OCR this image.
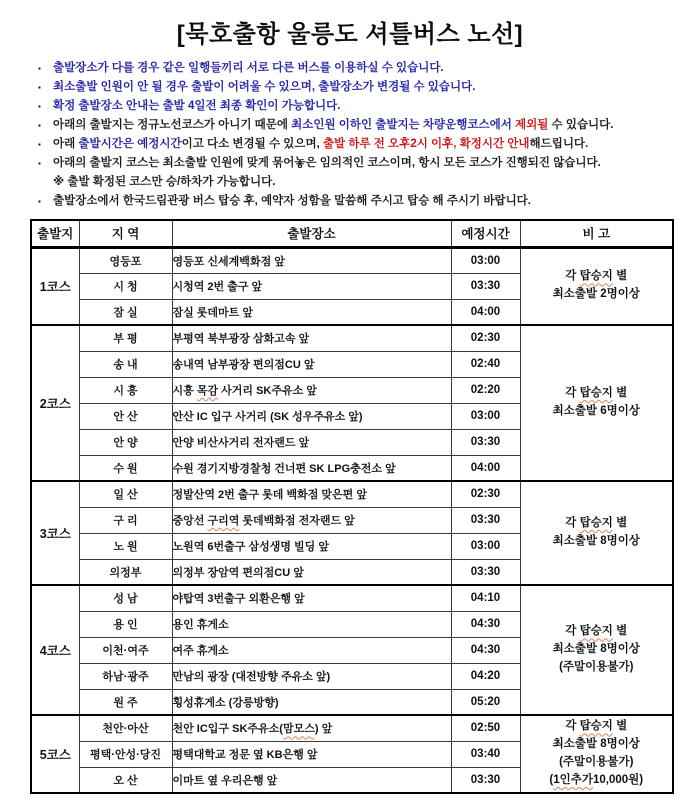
[묵호출항 울릉도 셔틀버스 노선]
▪ 출발장소가 다를 경우 같은 일행들끼리 서로 다른 버스를 이용하실 수 있습니다.
▪ 최소출발 인원이 안 될 경우 출발이 어려울 수 있으며, 출발장소가 변경될 수 있습니다.
▪ 확정 출발장소 안내는 출발 4일전 최종 확인이 가능합니다.
▪ 아래의 출발지는 정규노선코스가 아니기 때문에 최소인원 이하인 출발지는 차량운행코스에서 제외될 수 있습니다.
▪ 아래 출발시간은 예정시간이고 다소 변경될 수 있으며, 출발 하루 전 오후2시 이후, 확정시간 안내해드립니다.
▪ 아래의 출발지 코스는 최소출발 인원에 맞게 묶어놓은 임의적인 코스이며, 항시 모든 코스가 진행되진 않습니다.
※ 출발 확정된 코스만 승/하차가 가능합니다.
▪ 출발장소에서 한국드림관광 버스 탑승 후, 예약자 성함을 말씀해 주시고 탑승 해 주시기 바랍니다.
출발지	지 역	출발장소	예정시간	비 고
1코스	영등포	영등포 신세계백화점 앞	03:00	각 탑승지 별
최소출발 2명이상
	시 청	시청역 2번 출구 앞	03:30	
	잠 실	잠실 롯데마트 앞	04:00	
2코스	부 평	부평역 북부광장 삼화고속 앞	02:30	각 탑승지 별
최소출발 6명이상
	송 내	송내역 남부광장 편의점CU 앞	02:40	
	시 흥	시흥 목감 사거리 SK주유소 앞	02:20	
	안 산	안산 IC 입구 사거리 (SK 성우주유소 앞)	03:00	
	안 양	안양 비산사거리 전자랜드 앞	03:30	
	수 원	수원 경기지방경찰청 건너편 SK LPG충전소 앞	04:00	
3코스	일 산	정발산역 2번 출구 롯데 백화점 맞은편 앞	02:30	각 탑승지 별
최소출발 8명이상
	구 리	중앙선 구리역 롯데백화점 전자랜드 앞	03:30	
	노 원	노원역 6번출구 삼성생명 빌딩 앞	03:00	
	의정부	의정부 장암역 편의점CU 앞	03:30	
4코스	성 남	야탑역 3번출구 외환은행 앞	04:10	각 탑승지 별
최소출발 8명이상
(주말이용불가)
	용 인	용인 휴게소	04:30	
	이천·여주	여주 휴게소	04:30	
	하남·광주	만남의 광장 (대전방향 주유소 앞)	04:20	
	원 주	횡성휴게소 (강릉방향)	05:20	
5코스	천안·아산	천안 IC입구 SK주유소(맘모스) 앞	02:50	각 탑승지 별
최소출발 8명이상
(주말이용불가)
(1인추가10,000원)
	평택·안성·당진	평택대학교 정문 옆 KB은행 앞	03:40	
	오 산	이마트 옆 우리은행 앞	03:30	
